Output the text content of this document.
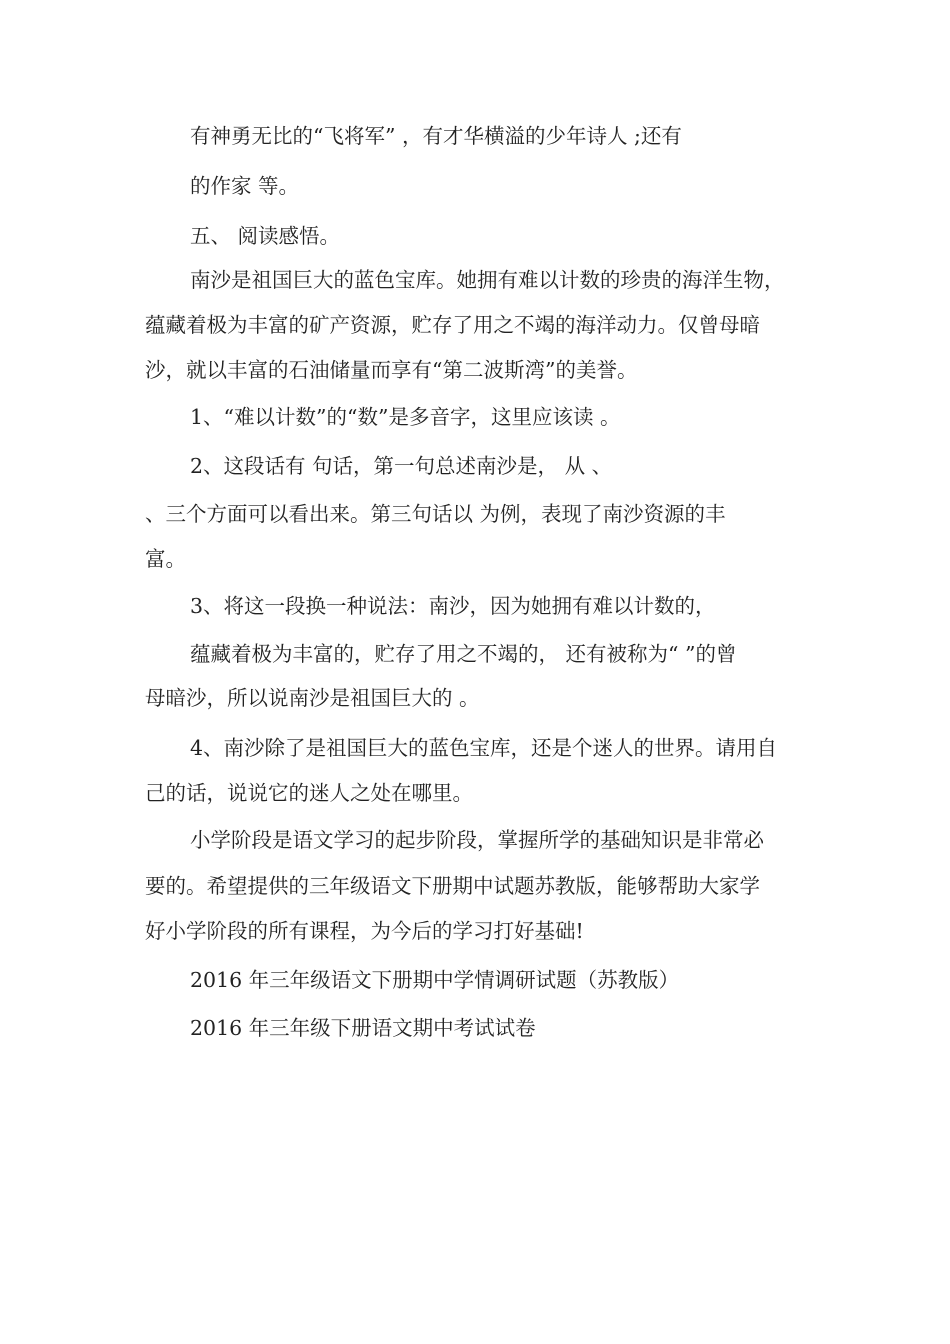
有神勇无比的“飞将军” ，有才华横溢的少年诗人 ;还有
的作家 等。
五、 阅读感悟。
南沙是祖国巨大的蓝色宝库。她拥有难以计数的珍贵的海洋生物，
蕴藏着极为丰富的矿产资源，贮存了用之不竭的海洋动力。仅曾母暗
沙，就以丰富的石油储量而享有“第二波斯湾”的美誉。
1、“难以计数”的“数”是多音字，这里应该读 。
2、这段话有 句话，第一句总述南沙是， 从 、
、三个方面可以看出来。第三句话以 为例，表现了南沙资源的丰
富。
3、将这一段换一种说法：南沙，因为她拥有难以计数的，
蕴藏着极为丰富的，贮存了用之不竭的， 还有被称为“ ”的曾
母暗沙，所以说南沙是祖国巨大的 。
4、南沙除了是祖国巨大的蓝色宝库，还是个迷人的世界。请用自
己的话，说说它的迷人之处在哪里。
小学阶段是语文学习的起步阶段，掌握所学的基础知识是非常必
要的。希望提供的三年级语文下册期中试题苏教版，能够帮助大家学
好小学阶段的所有课程，为今后的学习打好基础!
2016 年三年级语文下册期中学情调研试题（苏教版）
2016 年三年级下册语文期中考试试卷
